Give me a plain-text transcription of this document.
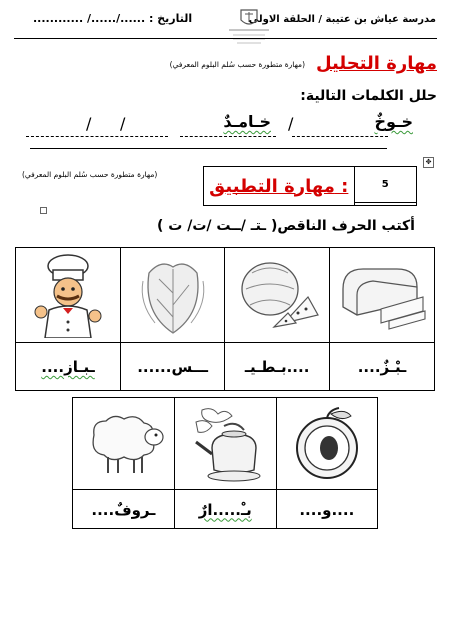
مدرسة عياش بن عتيبة / الحلقة الاولى
التاريخ : ....../....../ ............
مهارة التحليل
(مهارة متطورة حسب سُلم البلوم المعرفي)
حلل الكلمات التالية:
خـوخٌ
خـامـدٌ /
/
/
✥
مهارة التطبيق :	5

(مهارة متطورة حسب سُلم البلوم المعرفي)
أكتب الحرف الناقص( ـتـ /ــت /ت/ ت )

....ـبـاز	......ـــس	بـطـيـ....	....ـبْـزٌ

....ـروفٌ	بـْ.....ارٌ	....و....
